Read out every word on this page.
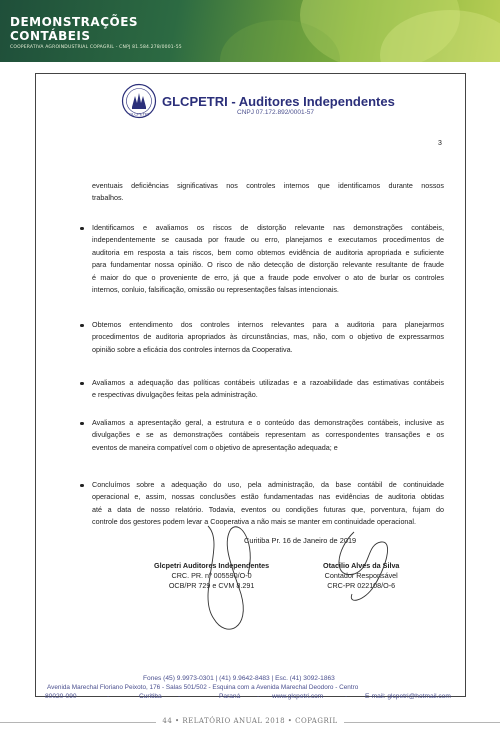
DEMONSTRAÇÕES
CONTÁBEIS
COOPERATIVA AGROINDUSTRIAL COPAGRIL - CNPJ 81.584.278/0001-55
GLCPETRI
GLCPETRI - Auditores Independentes
CNPJ 07.172.892/0001-57
3
eventuais deficiências significativas nos controles internos que identificamos durante nossos
trabalhos.
Identificamos e avaliamos os riscos de distorção relevante nas demonstrações contábeis,
independentemente se causada por fraude ou erro, planejamos e executamos procedimentos de
auditoria em resposta a tais riscos, bem como obtemos evidência de auditoria apropriada e suficiente
para fundamentar nossa opinião. O risco de não detecção de distorção relevante resultante de fraude
é maior do que o proveniente de erro, já que a fraude pode envolver o ato de burlar os controles
internos, conluio, falsificação, omissão ou representações falsas intencionais.
Obtemos entendimento dos controles internos relevantes para a auditoria para planejarmos
procedimentos de auditoria apropriados às circunstâncias, mas, não, com o objetivo de expressarmos
opinião sobre a eficácia dos controles internos da Cooperativa.
Avaliamos a adequação das políticas contábeis utilizadas e a razoabilidade das estimativas contábeis
e respectivas divulgações feitas pela administração.
Avaliamos a apresentação geral, a estrutura e o conteúdo das demonstrações contábeis, inclusive as
divulgações e se as demonstrações contábeis representam as correspondentes transações e os
eventos de maneira compatível com o objetivo de apresentação adequada; e
Concluímos sobre a adequação do uso, pela administração, da base contábil de continuidade
operacional e, assim, nossas conclusões estão fundamentadas nas evidências de auditoria obtidas
até a data de nosso relatório. Todavia, eventos ou condições futuras que, porventura, fujam do
controle dos gestores podem levar a Cooperativa a não mais se manter em continuidade operacional.
Curitiba Pr. 16 de Janeiro de 2019
Glcpetri Auditores Independentes
CRC. PR. nº 005590/O-0
OCB/PR 729 e CVM 8.291
Otacilio Alves da Silva
Contador Responsável
CRC-PR 022108/O-6
Fones (45) 9.9973-0301 | (41) 9.9642-8483 | Esc. (41) 3092-1863
Avenida Marechal Floriano Peixoto, 176 - Salas 501/502 - Esquina com a Avenida Marechal Deodoro - Centro
80020-090	-	Curitiba -	Paraná	- www.glcpetri.com	-	E-mail: glcpetri@hotmail.com
44 • RELATÓRIO ANUAL 2018 • COPAGRIL
